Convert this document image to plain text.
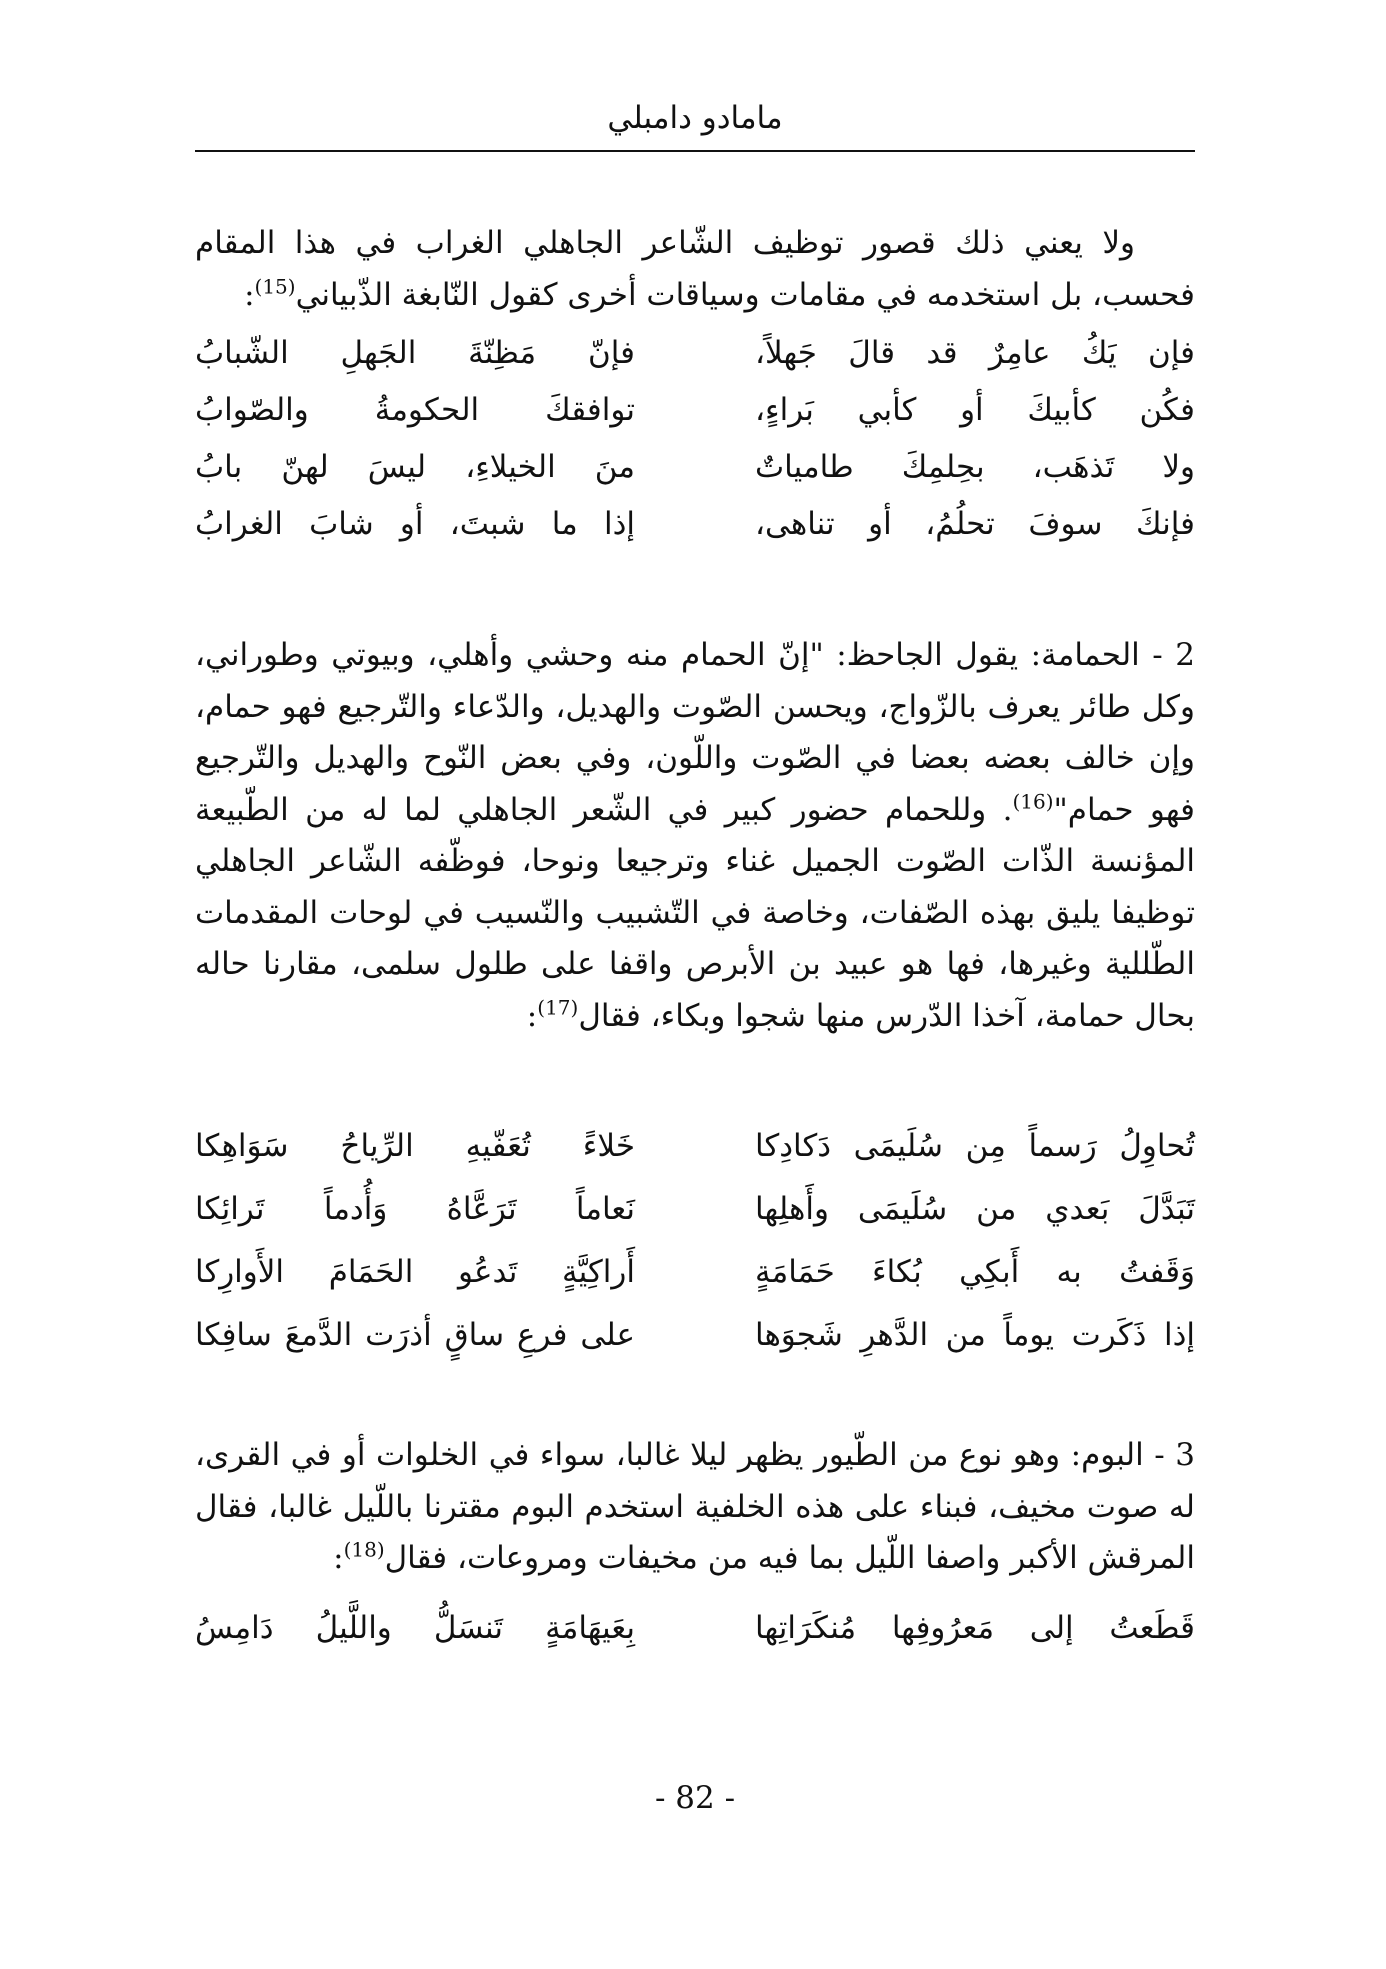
مامادو دامبلي

ولا يعني ذلك قصور توظيف الشّاعر الجاهلي الغراب في هذا المقام فحسب، بل استخدمه في مقامات وسياقات أخرى كقول النّابغة الذّبياني$^{(15)}$:

فإن يَكُ عامِرٌ قد قالَ جَهلاً،
فإنّ مَظِنّةَ الجَهلِ الشّبابُ
فكُن كأبيكَ أو كأبي بَراءٍ،
توافقكَ الحكومةُ والصّوابُ
ولا تَذهَب، بحِلمِكَ طامياتٌ
منَ الخيلاءِ، ليسَ لهنّ بابُ
فإنكَ سوفَ تحلُمُ، أو تناهى،
إذا ما شبتَ، أو شابَ الغرابُ

2 - الحمامة: يقول الجاحظ: "إنّ الحمام منه وحشي وأهلي، وبيوتي وطوراني، وكل طائر يعرف بالزّواج، ويحسن الصّوت والهديل، والدّعاء والتّرجيع فهو حمام، وإن خالف بعضه بعضا في الصّوت واللّون، وفي بعض النّوح والهديل والتّرجيع فهو حمام"$^{(16)}$. وللحمام حضور كبير في الشّعر الجاهلي لما له من الطّبيعة المؤنسة الذّات الصّوت الجميل غناء وترجيعا ونوحا، فوظّفه الشّاعر الجاهلي توظيفا يليق بهذه الصّفات، وخاصة في التّشبيب والنّسيب في لوحات المقدمات الطّللية وغيرها، فها هو عبيد بن الأبرص واقفا على طلول سلمى، مقارنا حاله بحال حمامة، آخذا الدّرس منها شجوا وبكاء، فقال$^{(17)}$:

تُحاوِلُ رَسماً مِن سُلَيمَى دَكادِكا
خَلاءً تُعَفّيهِ الرِّياحُ سَوَاهِكا
تَبَدَّلَ بَعدي من سُلَيمَى وأَهلِها
نَعاماً تَرَعَّاهُ وَأُدماً تَرائِكا
وَقَفتُ به أَبكِي بُكاءَ حَمَامَةٍ
أَراكِيَّةٍ تَدعُو الحَمَامَ الأَوارِكا
إذا ذَكَرت يوماً من الدَّهرِ شَجوَها
على فرعِ ساقٍ أذرَت الدَّمعَ سافِكا

3 - البوم: وهو نوع من الطّيور يظهر ليلا غالبا، سواء في الخلوات أو في القرى، له صوت مخيف، فبناء على هذه الخلفية استخدم البوم مقترنا باللّيل غالبا، فقال المرقش الأكبر واصفا اللّيل بما فيه من مخيفات ومروعات، فقال$^{(18)}$:

قَطَعتُ إلى مَعرُوفِها مُنكَرَاتِها
بِعَيهَامَةٍ تَنسَلُّ واللَّيلُ دَامِسُ
- 82 -
